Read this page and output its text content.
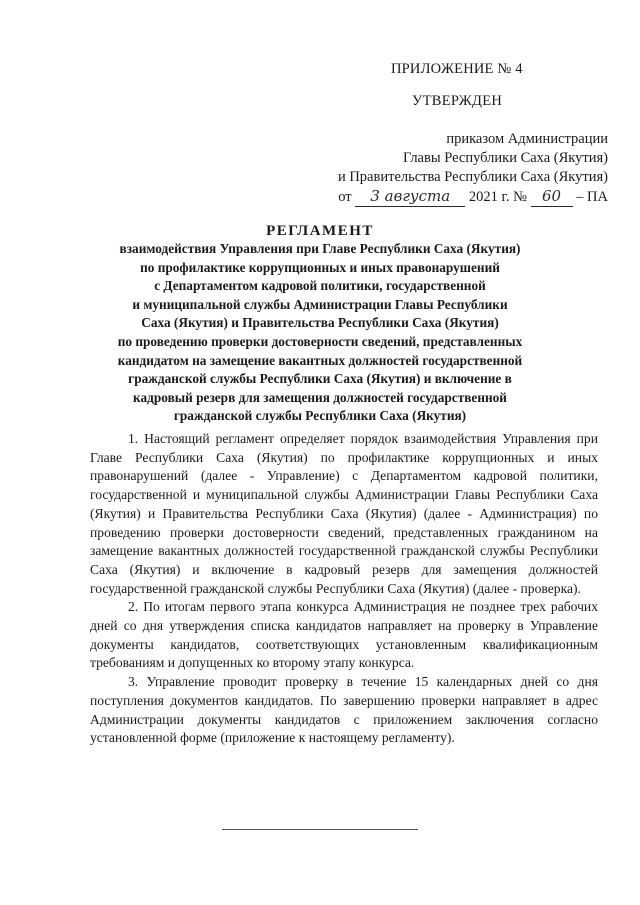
ПРИЛОЖЕНИЕ № 4
УТВЕРЖДЕН
приказом Администрации
Главы Республики Саха (Якутия)
и Правительства Республики Саха (Якутия)
от 3 августа 2021 г. № 60 – ПА
РЕГЛАМЕНТ
взаимодействия Управления при Главе Республики Саха (Якутия)
по профилактике коррупционных и иных правонарушений
с Департаментом кадровой политики, государственной
и муниципальной службы Администрации Главы Республики
Саха (Якутия) и Правительства Республики Саха (Якутия)
по проведению проверки достоверности сведений, представленных
кандидатом на замещение вакантных должностей государственной
гражданской службы Республики Саха (Якутия) и включение в
кадровый резерв для замещения должностей государственной
гражданской службы Республики Саха (Якутия)

1. Настоящий регламент определяет порядок взаимодействия Управления при Главе Республики Саха (Якутия) по профилактике коррупционных и иных правонарушений (далее - Управление) с Департаментом кадровой политики, государственной и муниципальной службы Администрации Главы Республики Саха (Якутия) и Правительства Республики Саха (Якутия) (далее - Администрация) по проведению проверки достоверности сведений, представленных гражданином на замещение вакантных должностей государственной гражданской службы Республики Саха (Якутия) и включение в кадровый резерв для замещения должностей государственной гражданской службы Республики Саха (Якутия) (далее - проверка).

2. По итогам первого этапа конкурса Администрация не позднее трех рабочих дней со дня утверждения списка кандидатов направляет на проверку в Управление документы кандидатов, соответствующих установленным квалификационным требованиям и допущенных ко второму этапу конкурса.

3. Управление проводит проверку в течение 15 календарных дней со дня поступления документов кандидатов. По завершению проверки направляет в адрес Администрации документы кандидатов с приложением заключения согласно установленной форме (приложение к настоящему регламенту).
